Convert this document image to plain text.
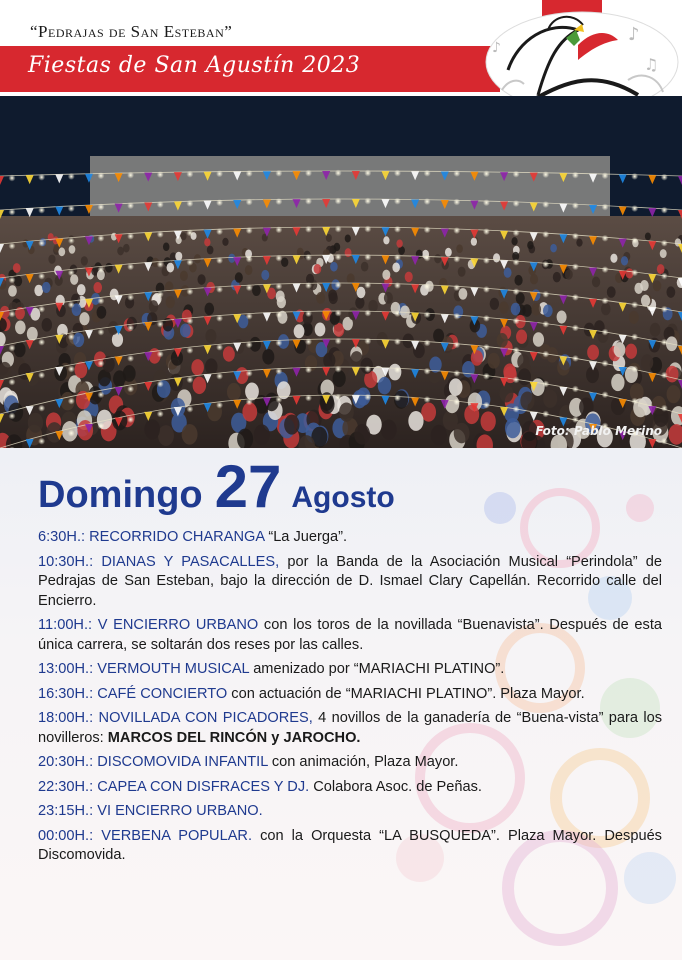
“Pedrajas de San Esteban”
Fiestas de San Agustín 2023
♪
♫
♪
Foto: Pablo Merino
Domingo 27 Agosto
6:30H.: RECORRIDO CHARANGA “La Juerga”.
10:30H.: DIANAS Y PASACALLES, por la Banda de la Asociación Musical “Perindola” de Pedrajas de San Esteban, bajo la dirección de D. Ismael Clary Capellán. Recorrido calle del Encierro.
11:00H.: V ENCIERRO URBANO con los toros de la novillada “Buenavista”. Después de esta única carrera, se soltarán dos reses por las calles.
13:00H.: VERMOUTH MUSICAL amenizado por “MARIACHI PLATINO”.
16:30H.: CAFÉ CONCIERTO con actuación de “MARIACHI PLATINO”. Plaza Mayor.
18:00H.: NOVILLADA CON PICADORES, 4 novillos de la ganadería de “Buena-vista” para los novilleros: MARCOS DEL RINCÓN y JAROCHO.
20:30H.: DISCOMOVIDA INFANTIL con animación, Plaza Mayor.
22:30H.: CAPEA CON DISFRACES Y DJ. Colabora Asoc. de Peñas.
23:15H.: VI ENCIERRO URBANO.
00:00H.: VERBENA POPULAR. con la Orquesta “LA BUSQUEDA”. Plaza Mayor. Después Discomovida.
